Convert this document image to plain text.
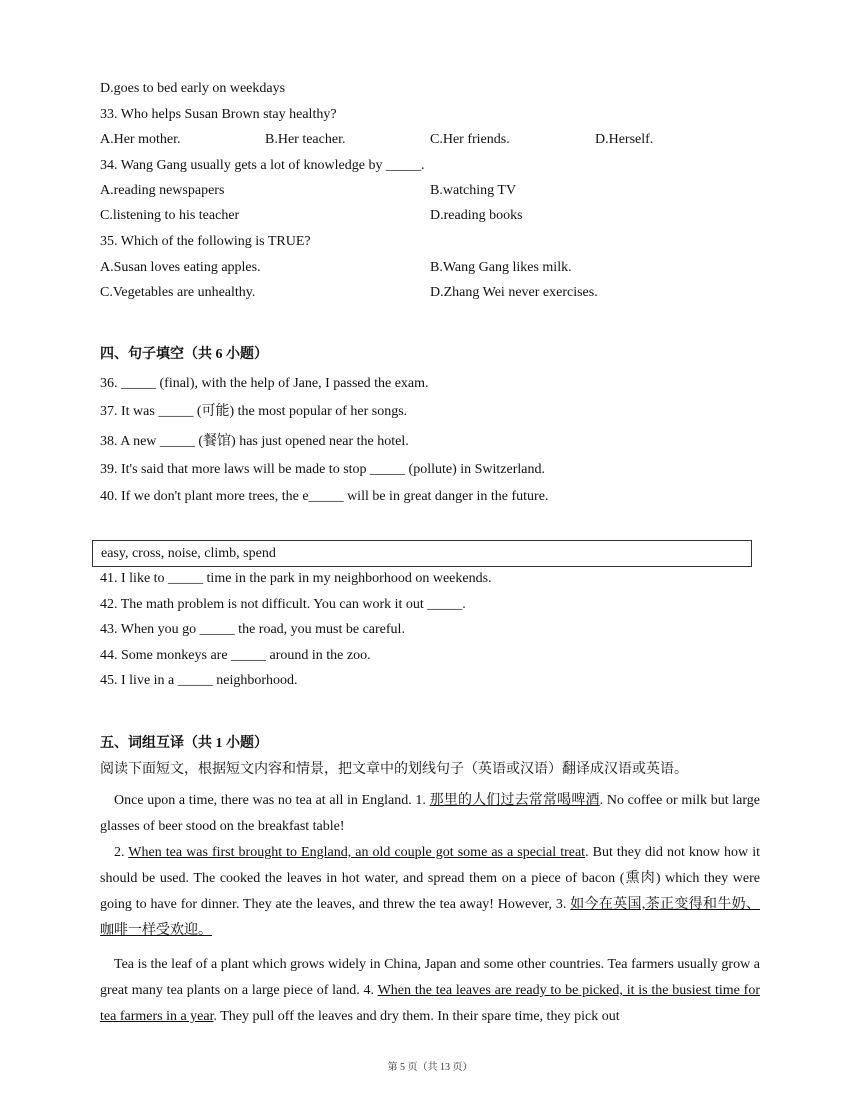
D.goes to bed early on weekdays
33. Who helps Susan Brown stay healthy?
A.Her mother.	B.Her teacher.	C.Her friends.	D.Herself.
34. Wang Gang usually gets a lot of knowledge by _____.
A.reading newspapers	B.watching TV
C.listening to his teacher	D.reading books
35. Which of the following is TRUE?
A.Susan loves eating apples.	B.Wang Gang likes milk.
C.Vegetables are unhealthy.	D.Zhang Wei never exercises.
四、句子填空（共 6 小题）
36. _____ (final), with the help of Jane, I passed the exam.
37. It was _____ (可能) the most popular of her songs.
38. A new _____ (餐馆) has just opened near the hotel.
39. It's said that more laws will be made to stop _____ (pollute) in Switzerland.
40. If we don't plant more trees, the e_____ will be in great danger in the future.
easy, cross, noise, climb, spend
41. I like to _____ time in the park in my neighborhood on weekends.
42. The math problem is not difficult. You can work it out _____.
43. When you go _____ the road, you must be careful.
44. Some monkeys are _____ around in the zoo.
45. I live in a _____ neighborhood.
五、词组互译（共 1 小题）
阅读下面短文，根据短文内容和情景，把文章中的划线句子（英语或汉语）翻译成汉语或英语。
Once upon a time, there was no tea at all in England. 1. 那里的人们过去常常喝啤酒. No coffee or milk but large glasses of beer stood on the breakfast table!
2. When tea was first brought to England, an old couple got some as a special treat. But they did not know how it should be used. The cooked the leaves in hot water, and spread them on a piece of bacon (熏肉) which they were going to have for dinner. They ate the leaves, and threw the tea away! However, 3. 如今在英国,茶正变得和牛奶、咖啡一样受欢迎。
Tea is the leaf of a plant which grows widely in China, Japan and some other countries. Tea farmers usually grow a great many tea plants on a large piece of land. 4. When the tea leaves are ready to be picked, it is the busiest time for tea farmers in a year. They pull off the leaves and dry them. In their spare time, they pick out
第 5 页（共 13 页）
